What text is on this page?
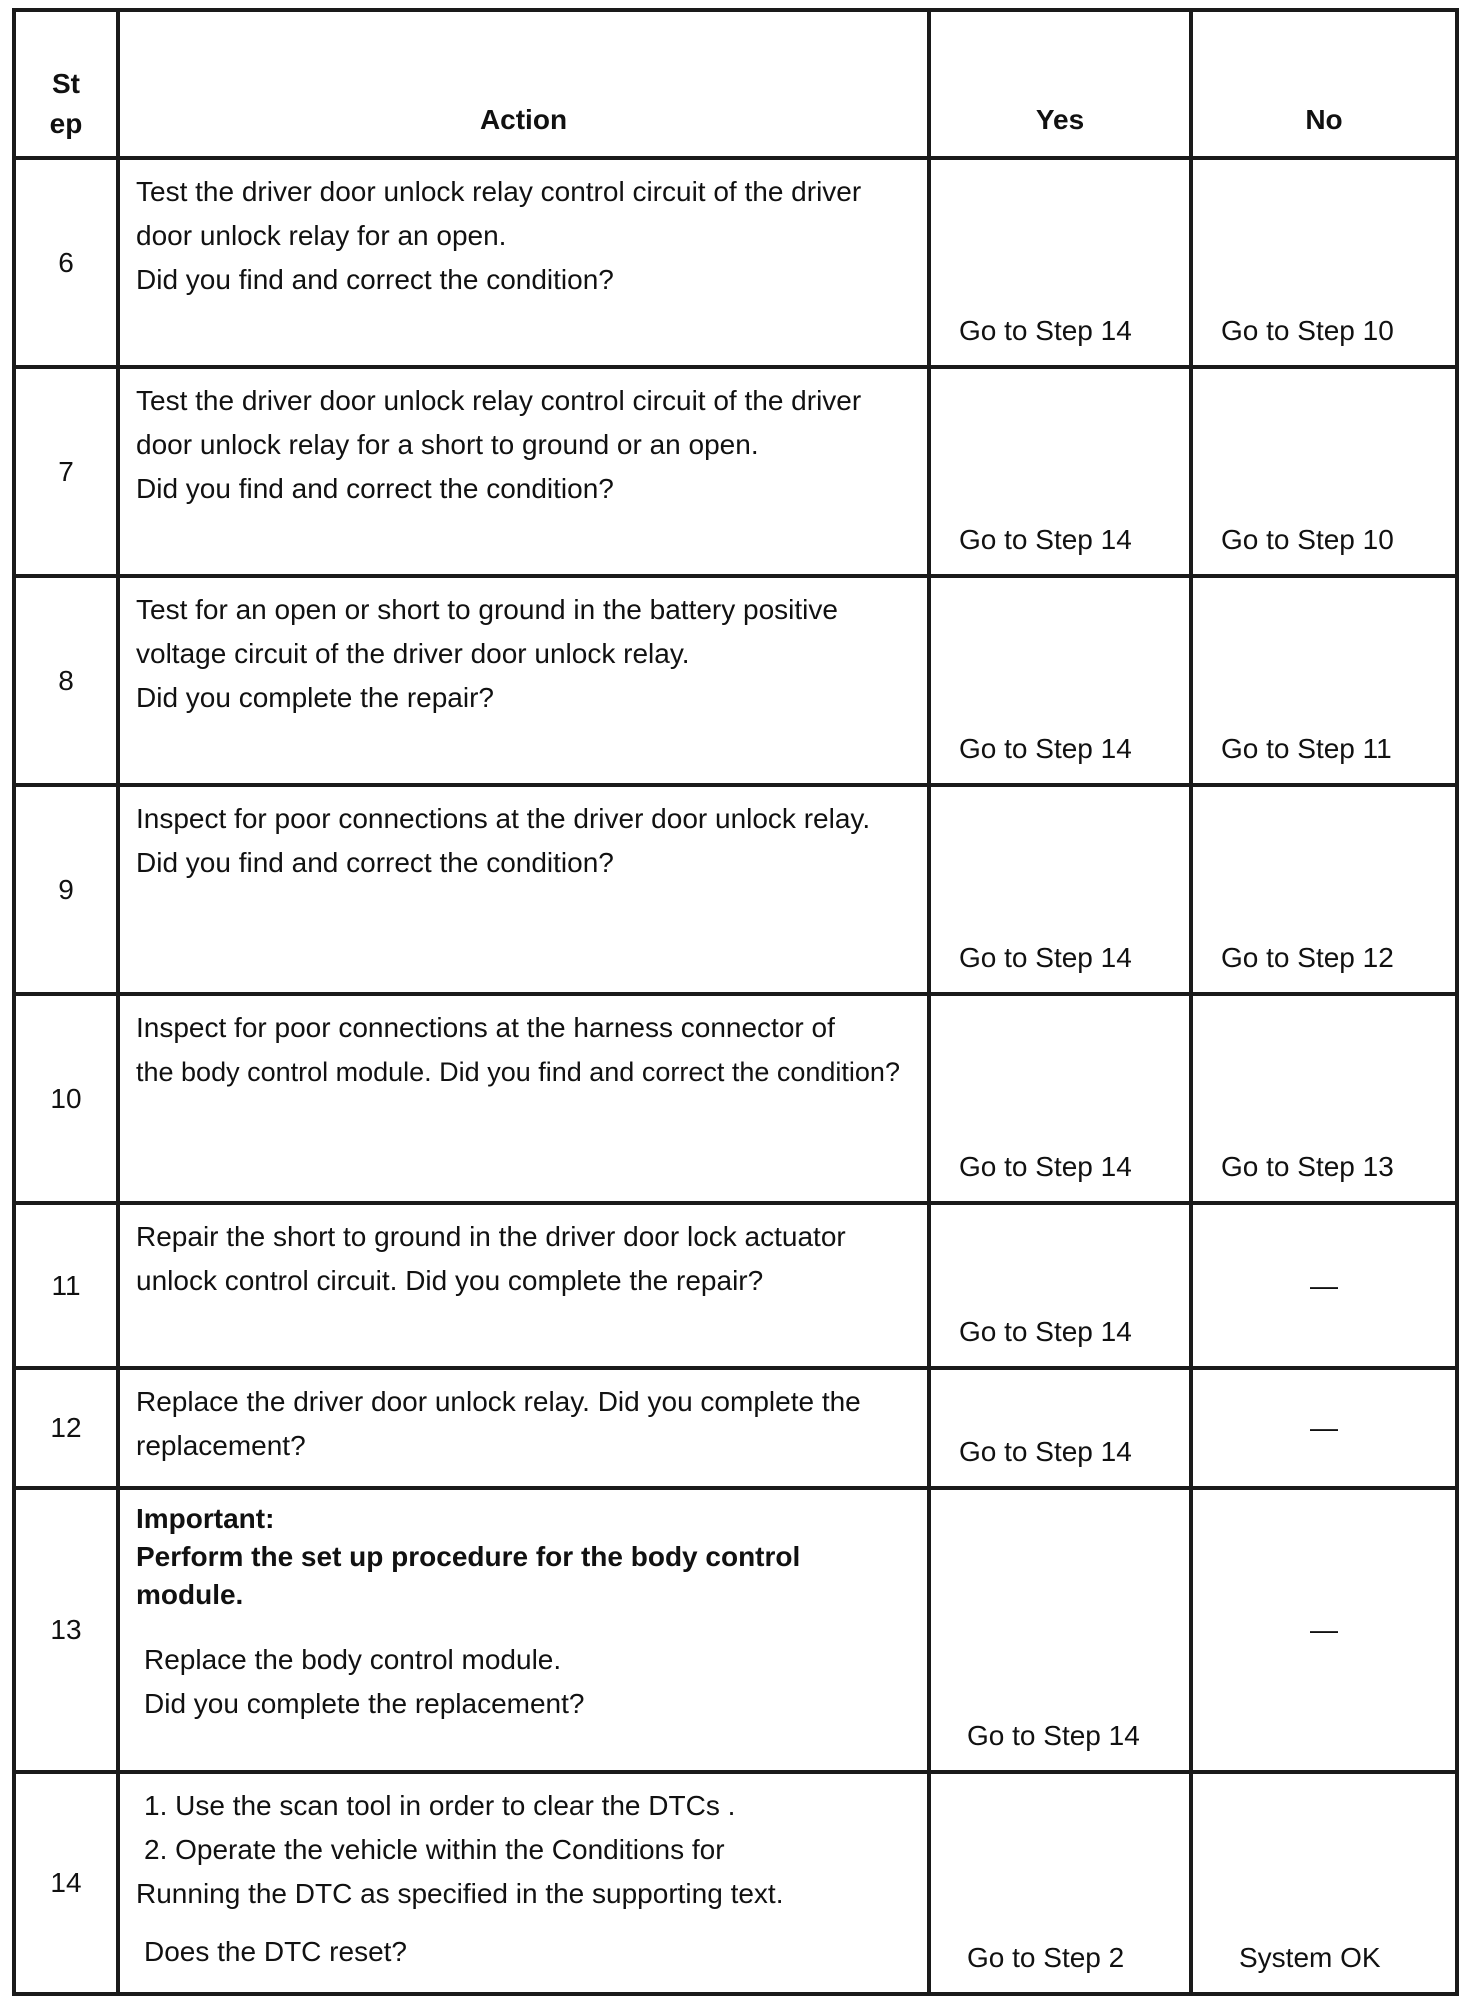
St
ep	Action	Yes	No
6	Test the driver door unlock relay control circuit of the driver

door unlock relay for an open.

Did you find and correct the condition?	Go to Step 14	Go to Step 10
7	Test the driver door unlock relay control circuit of the driver

door unlock relay for a short to ground or an open.

Did you find and correct the condition?	Go to Step 14	Go to Step 10
8	Test for an open or short to ground in the battery positive

voltage circuit of the driver door unlock relay.

Did you complete the repair?	Go to Step 14	Go to Step 11
9	Inspect for poor connections at the driver door unlock relay.

Did you find and correct the condition?	Go to Step 14	Go to Step 12
10	Inspect for poor connections at the harness connector of

the body control module. Did you find and correct the condition?	Go to Step 14	Go to Step 13
11	Repair the short to ground in the driver door lock actuator

unlock control circuit. Did you complete the repair?	Go to Step 14	—
12	Replace the driver door unlock relay. Did you complete the

replacement?	Go to Step 14	—
13	Important:

Perform the set up procedure for the body control

module.

Replace the body control module.

Did you complete the replacement?	Go to Step 14	—
14	1. Use the scan tool in order to clear the DTCs .

2. Operate the vehicle within the Conditions for

Running the DTC as specified in the supporting text.

Does the DTC reset?	Go to Step 2	System OK
